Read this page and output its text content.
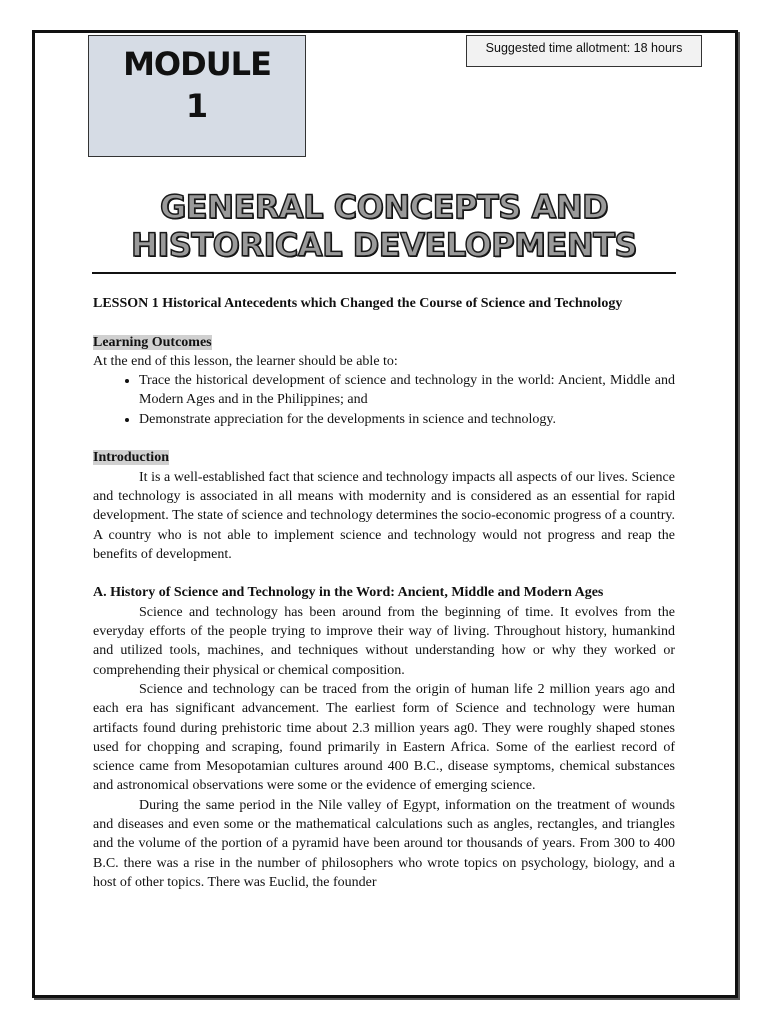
MODULE
1
Suggested time allotment: 18 hours
GENERAL CONCEPTS AND
HISTORICAL DEVELOPMENTS

LESSON 1 Historical Antecedents which Changed the Course of Science and Technology

Learning Outcomes

At the end of this lesson, the learner should be able to:

• Trace the historical development of science and technology in the world: Ancient, Middle and Modern Ages and in the Philippines; and
• Demonstrate appreciation for the developments in science and technology.

Introduction

It is a well-established fact that science and technology impacts all aspects of our lives. Science and technology is associated in all means with modernity and is considered as an essential for rapid development. The state of science and technology determines the socio-economic progress of a country. A country who is not able to implement science and technology would not progress and reap the benefits of development.

A. History of Science and Technology in the Word: Ancient, Middle and Modern Ages

Science and technology has been around from the beginning of time. It evolves from the everyday efforts of the people trying to improve their way of living. Throughout history, humankind and utilized tools, machines, and techniques without understanding how or why they worked or comprehending their physical or chemical composition.

Science and technology can be traced from the origin of human life 2 million years ago and each era has significant advancement. The earliest form of Science and technology were human artifacts found during prehistoric time about 2.3 million years ag0. They were roughly shaped stones used for chopping and scraping, found primarily in Eastern Africa. Some of the earliest record of science came from Mesopotamian cultures around 400 B.C., disease symptoms, chemical substances and astronomical observations were some or the evidence of emerging science.

During the same period in the Nile valley of Egypt, information on the treatment of wounds and diseases and even some or the mathematical calculations such as angles, rectangles, and triangles and the volume of the portion of a pyramid have been around tor thousands of years. From 300 to 400 B.C. there was a rise in the number of philosophers who wrote topics on psychology, biology, and a host of other topics. There was Euclid, the founder
